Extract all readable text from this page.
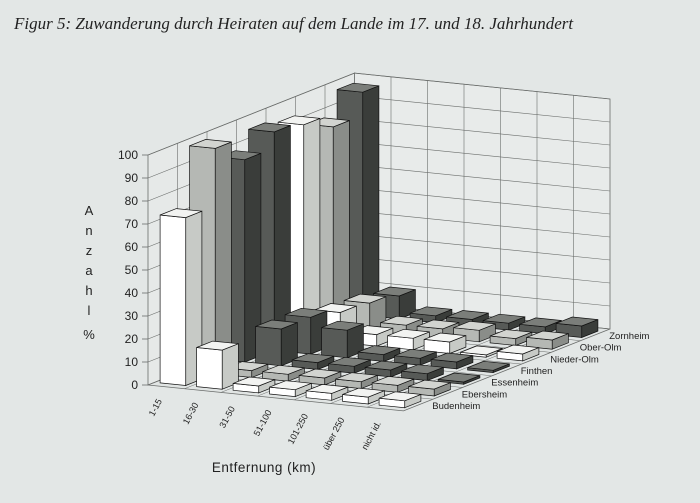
Figur 5: Zuwanderung durch Heiraten auf dem Lande im 17. und 18. Jahrhundert
0
10
20
30
40
50
60
70
80
90
100
A
n
z
a
h
l
%
1-15 16-30 31-50 51-100 101-250 über 250 nicht id.
Budenheim
Ebersheim
Essenheim
Finthen
Nieder-Olm
Ober-Olm
Zornheim
Entfernung (km)
